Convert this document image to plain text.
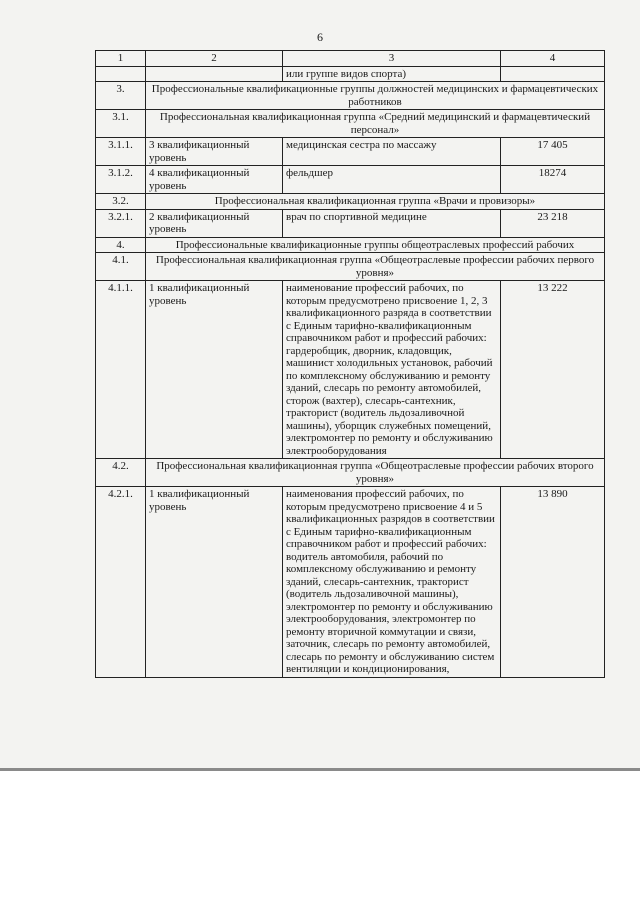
6
1	2	3	4
		или группе видов спорта)	
3.	Профессиональные квалификационные группы должностей медицинских и фармацевтических работников		
3.1.	Профессиональная квалификационная группа «Средний медицинский и фармацевтический персонал»		
3.1.1.	3 квалификационный уровень	медицинская сестра по массажу	17 405
3.1.2.	4 квалификационный уровень	фельдшер	18274
3.2.	Профессиональная квалификационная группа «Врачи и провизоры»		
3.2.1.	2 квалификационный уровень	врач по спортивной медицине	23 218
4.	Профессиональные квалификационные группы общеотраслевых профессий рабочих		
4.1.	Профессиональная квалификационная группа «Общеотраслевые профессии рабочих первого уровня»		
4.1.1.	1 квалификационный уровень	наименование профессий рабочих, по которым предусмотрено присвоение 1, 2, 3 квалификационного разряда в соответствии с Единым тарифно-квалификационным справочником работ и профессий рабочих: гардеробщик, дворник, кладовщик, машинист холодильных установок, рабочий по комплексному обслуживанию и ремонту зданий, слесарь по ремонту автомобилей, сторож (вахтер), слесарь-сантехник, тракторист (водитель льдозаливочной машины), уборщик служебных помещений, электромонтер по ремонту и обслуживанию электрооборудования	13 222
4.2.	Профессиональная квалификационная группа «Общеотраслевые профессии рабочих второго уровня»		
4.2.1.	1 квалификационный уровень	наименования профессий рабочих, по которым предусмотрено присвоение 4 и 5 квалификационных разрядов в соответствии с Единым тарифно-квалификационным справочником работ и профессий рабочих: водитель автомобиля, рабочий по комплексному обслуживанию и ремонту зданий, слесарь-сантехник, тракторист (водитель льдозаливочной машины), электромонтер по ремонту и обслуживанию электрооборудования, электромонтер по ремонту вторичной коммутации и связи, заточник, слесарь по ремонту автомобилей, слесарь по ремонту и обслуживанию систем вентиляции и кондиционирования,	13 890
